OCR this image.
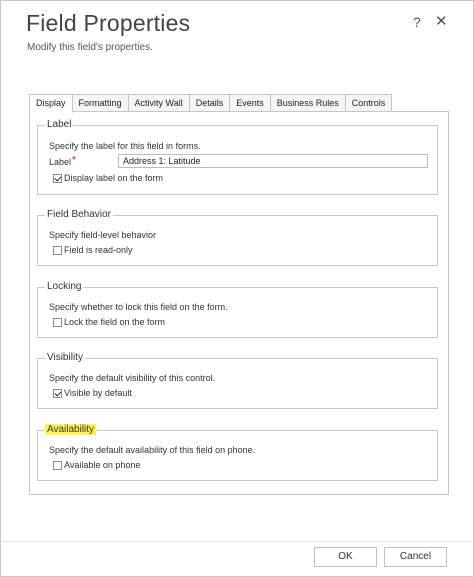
Field Properties
Modify this field's properties.
? ✕
Display	Formatting	Activity Wall	Details	Events	Business Rules	Controls
Label
Specify the label for this field in forms.
Label*	Address 1: Latitude
Display label on the form
Field Behavior
Specify field-level behavior
Field is read-only
Locking
Specify whether to lock this field on the form.
Lock the field on the form
Visibility
Specify the default visibility of this control.
Visible by default
Availability
Specify the default availability of this field on phone.
Available on phone
OK	Cancel
